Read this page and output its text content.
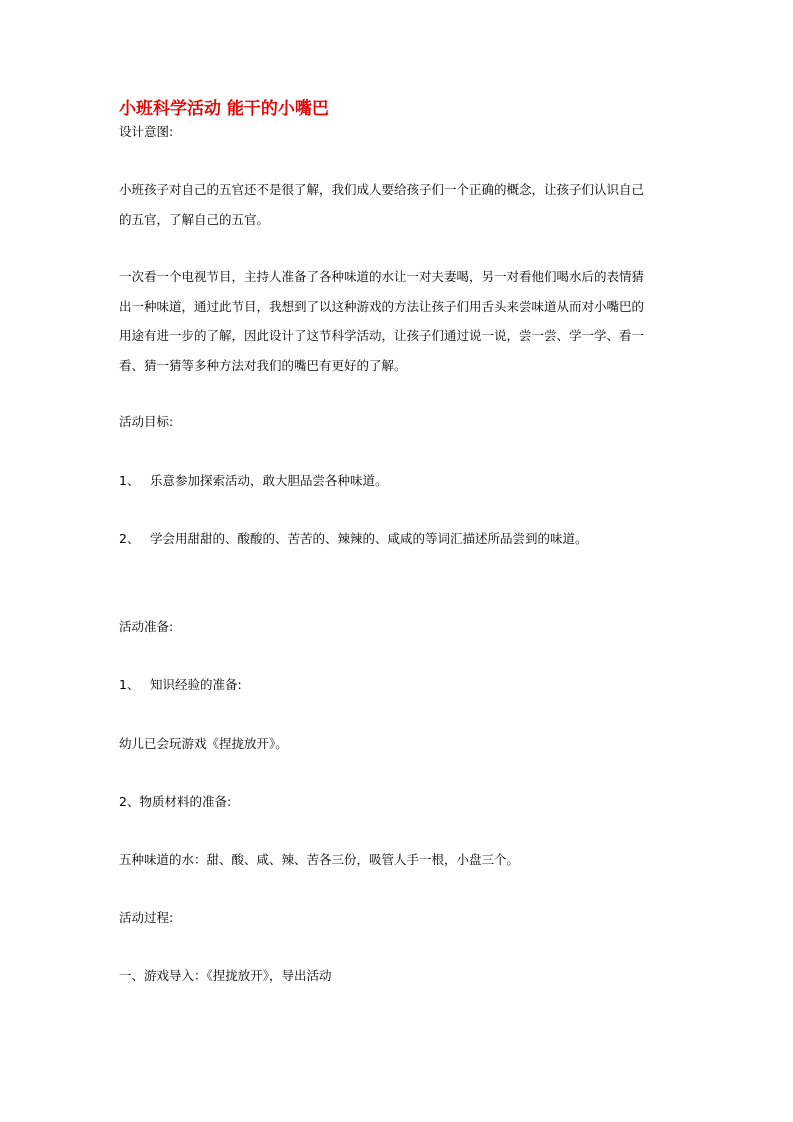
小班科学活动 能干的小嘴巴
设计意图:
小班孩子对自己的五官还不是很了解，我们成人要给孩子们一个正确的概念，让孩子们认识自己
的五官，了解自己的五官。
一次看一个电视节目，主持人准备了各种味道的水让一对夫妻喝，另一对看他们喝水后的表情猜
出一种味道，通过此节目，我想到了以这种游戏的方法让孩子们用舌头来尝味道从而对小嘴巴的
用途有进一步的了解，因此设计了这节科学活动，让孩子们通过说一说，尝一尝、学一学、看一
看、猜一猜等多种方法对我们的嘴巴有更好的了解。
活动目标:
1、 乐意参加探索活动，敢大胆品尝各种味道。
2、 学会用甜甜的、酸酸的、苦苦的、辣辣的、咸咸的等词汇描述所品尝到的味道。
活动准备:
1、 知识经验的准备:
幼儿已会玩游戏《捏拢放开》。
2、物质材料的准备:
五种味道的水：甜、酸、咸、辣、苦各三份，吸管人手一根，小盘三个。
活动过程:
一、游戏导入：《捏拢放开》，导出活动
